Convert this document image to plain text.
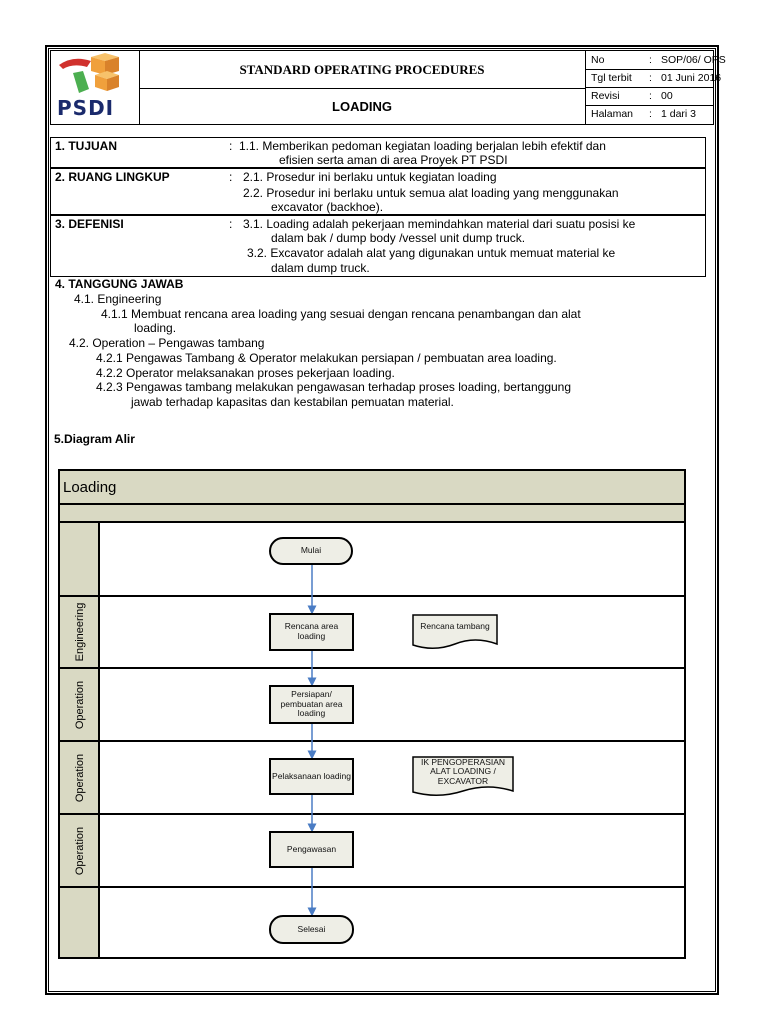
PSDI
STANDARD OPERATING PROCEDURES
LOADING
No	: SOP/06/ OPS
Tgl terbit : 01 Juni 2016
Revisi	: 00
Halaman : 1 dari 3
1. TUJUAN	: 1.1. Memberikan pedoman kegiatan loading berjalan lebih efektif dan
efisien serta aman di area Proyek PT PSDI
2. RUANG LINGKUP	: 2.1. Prosedur ini berlaku untuk kegiatan loading
2.2. Prosedur ini berlaku untuk semua alat loading yang menggunakan
excavator (backhoe).
3. DEFENISI	: 3.1. Loading adalah pekerjaan memindahkan material dari suatu posisi ke
dalam bak / dump body /vessel unit dump truck.
3.2. Excavator adalah alat yang digunakan untuk memuat material ke
dalam dump truck.
4. TANGGUNG JAWAB
4.1. Engineering
4.1.1 Membuat rencana area loading yang sesuai dengan rencana penambangan dan alat
loading.
4.2. Operation – Pengawas tambang
4.2.1 Pengawas Tambang & Operator melakukan persiapan / pembuatan area loading.
4.2.2 Operator melaksanakan proses pekerjaan loading.
4.2.3 Pengawas tambang melakukan pengawasan terhadap proses loading, bertanggung
jawab terhadap kapasitas dan kestabilan pemuatan material.
5.Diagram Alir
Loading
Engineering
Operation
Operation
Operation
Mulai
Rencana area loading
Rencana tambang
Persiapan/ pembuatan area loading
Pelaksanaan loading
IK PENGOPERASIAN ALAT LOADING / EXCAVATOR
Pengawasan
Selesai
